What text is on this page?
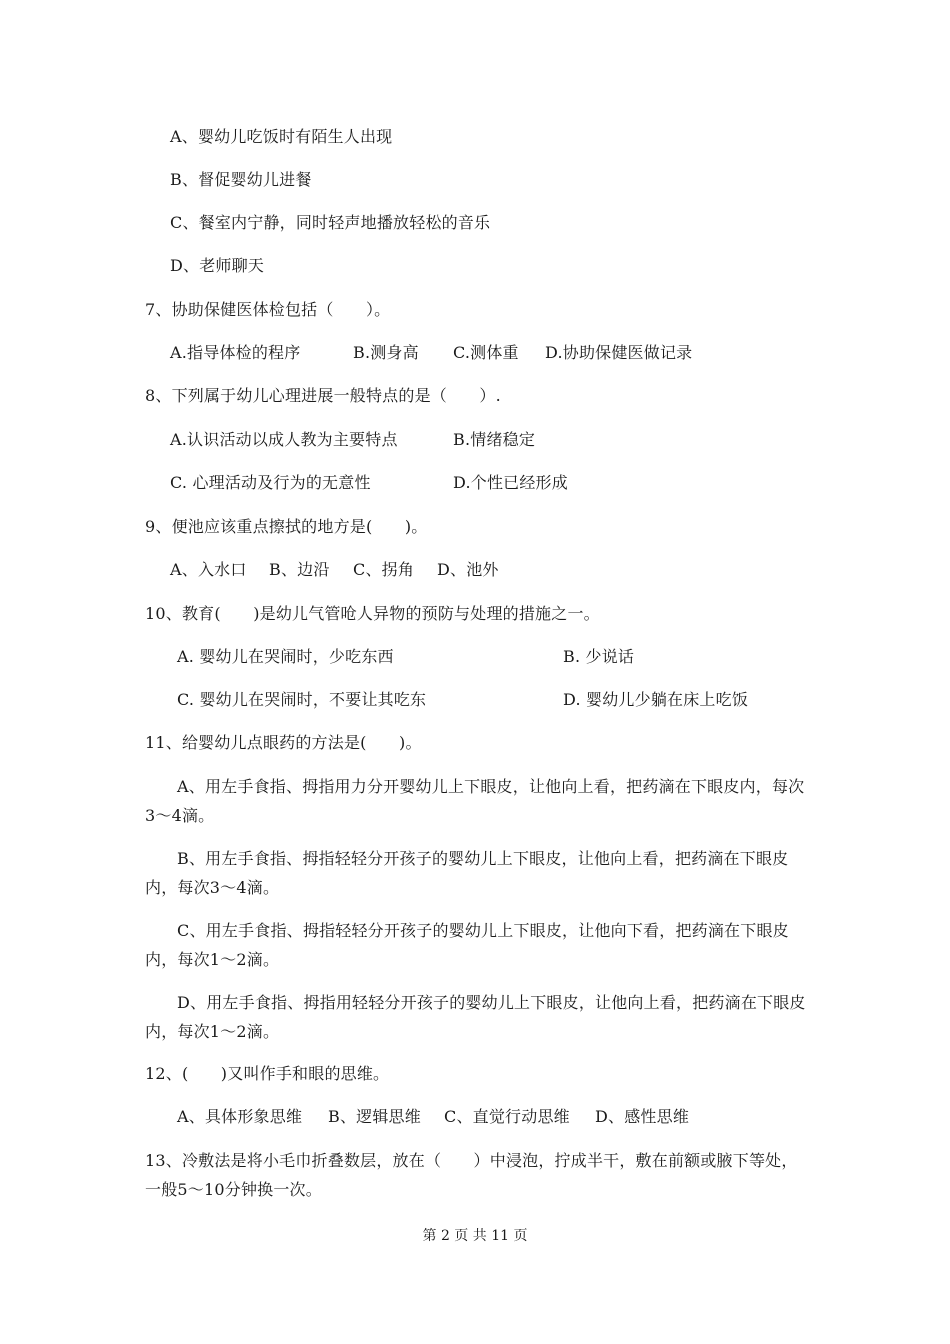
A、婴幼儿吃饭时有陌生人出现
B、督促婴幼儿进餐
C、餐室内宁静，同时轻声地播放轻松的音乐
D、老师聊天
7、协助保健医体检包括（　　）。
A.指导体检的程序	B.测身高 C.测体重 D.协助保健医做记录
8、下列属于幼儿心理进展一般特点的是（　　）.
A.认识活动以成人教为主要特点	B.情绪稳定
C. 心理活动及行为的无意性	D.个性已经形成
9、便池应该重点擦拭的地方是(　　)。
A、入水口 B、边沿 C、拐角 D、池外
10、教育(　　)是幼儿气管呛人异物的预防与处理的措施之一。
A. 婴幼儿在哭闹时，少吃东西	B. 少说话
C. 婴幼儿在哭闹时，不要让其吃东	D. 婴幼儿少躺在床上吃饭
11、给婴幼儿点眼药的方法是(　　)。
A、用左手食指、拇指用力分开婴幼儿上下眼皮，让他向上看，把药滴在下眼皮内，每次3～4滴。
B、用左手食指、拇指轻轻分开孩子的婴幼儿上下眼皮，让他向上看，把药滴在下眼皮内，每次3～4滴。
C、用左手食指、拇指轻轻分开孩子的婴幼儿上下眼皮，让他向下看，把药滴在下眼皮内，每次1～2滴。
D、用左手食指、拇指用轻轻分开孩子的婴幼儿上下眼皮，让他向上看，把药滴在下眼皮内，每次1～2滴。
12、(　　)又叫作手和眼的思维。
A、具体形象思维 B、逻辑思维 C、直觉行动思维 D、感性思维
13、冷敷法是将小毛巾折叠数层，放在（　　）中浸泡，拧成半干，敷在前额或腋下等处，一般5～10分钟换一次。
第 2 页 共 11 页
